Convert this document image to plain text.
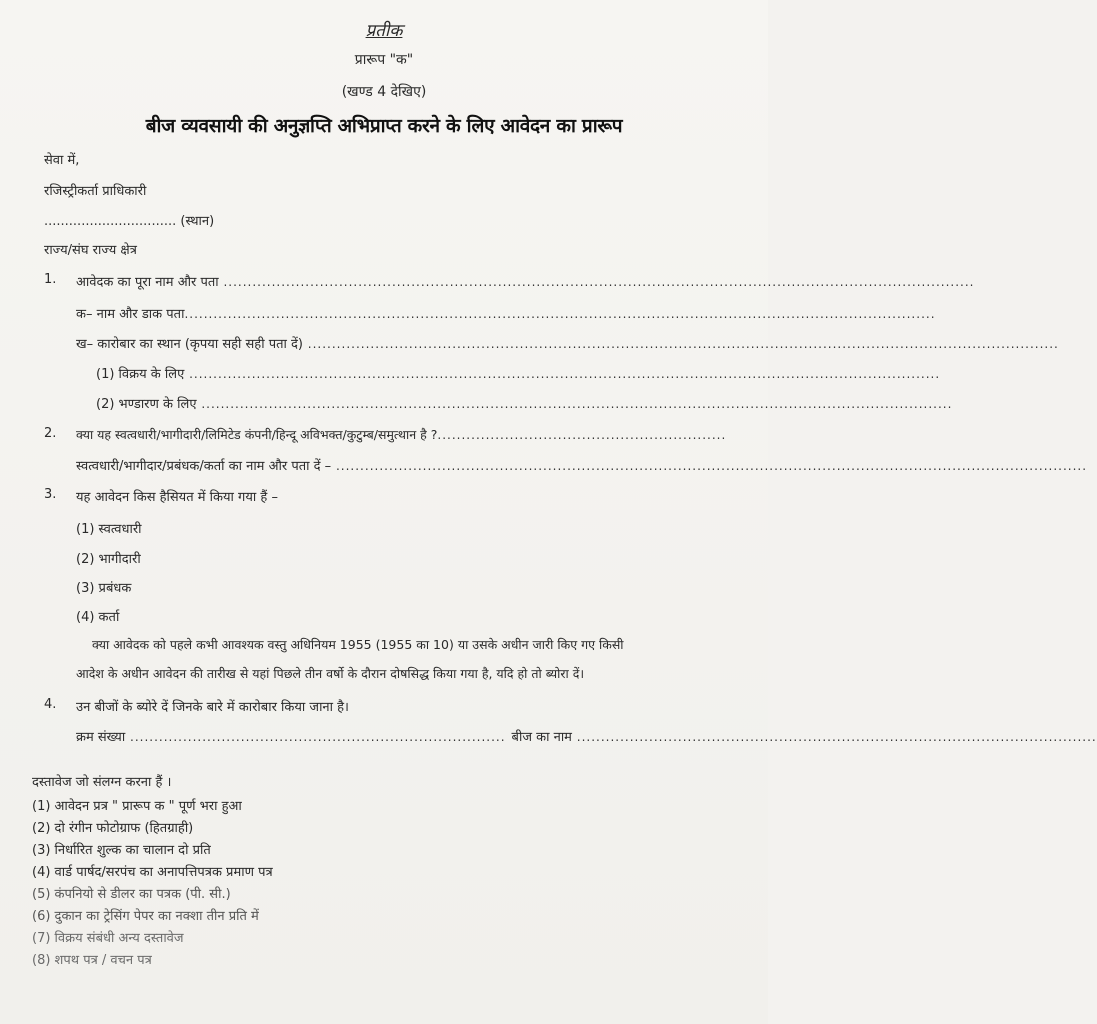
प्रतीक
प्रारूप "क"
(खण्ड 4 देखिए)
बीज व्यवसायी की अनुज्ञप्ति अभिप्राप्त करने के लिए आवेदन का प्रारूप
सेवा में,
रजिस्ट्रीकर्ता प्राधिकारी
................................ (स्थान)
राज्य/संघ राज्य क्षेत्र
1. आवेदक का पूरा नाम और पता ............................................................................................................................................................
क– नाम और डाक पता ............................................................................................................................................................
ख– कारोबार का स्थान (कृपया सही सही पता दें) ............................................................................................................................................................
(1) विक्रय के लिए ............................................................................................................................................................
(2) भण्डारण के लिए ............................................................................................................................................................
2. क्या यह स्वत्वधारी/भागीदारी/लिमिटेड कंपनी/हिन्दू अविभक्त/कुटुम्ब/समुत्थान है ? ............................................................
स्वत्वधारी/भागीदार/प्रबंधक/कर्ता का नाम और पता दें – ............................................................................................................................................................
3. यह आवेदन किस हैसियत में किया गया हैं –
(1) स्वत्वधारी
(2) भागीदारी
(3) प्रबंधक
(4) कर्ता
क्या आवेदक को पहले कभी आवश्यक वस्तु अधिनियम 1955 (1955 का 10) या उसके अधीन जारी किए गए किसी
आदेश के अधीन आवेदन की तारीख से यहां पिछले तीन वर्षो के दौरान दोषसिद्ध किया गया है, यदि हो तो ब्योरा दें।
4. उन बीजों के ब्योरे दें जिनके बारे में कारोबार किया जाना है।
क्रम संख्या .............................................................................. बीज का नाम ............................................................................................................
दस्तावेज जो संलग्न करना हैं ।
(1) आवेदन प्रत्र " प्रारूप क " पूर्ण भरा हुआ
(2) दो रंगीन फोटोग्राफ (हितग्राही)
(3) निर्धारित शुल्क का चालान दो प्रति
(4) वार्ड पार्षद/सरपंच का अनापत्तिपत्रक प्रमाण पत्र
(5) कंपनियो से डीलर का पत्रक (पी. सी.)
(6) दुकान का ट्रेसिंग पेपर का नक्शा तीन प्रति में
(7) विक्रय संबंधी अन्य दस्तावेज
(8) शपथ पत्र / वचन पत्र
